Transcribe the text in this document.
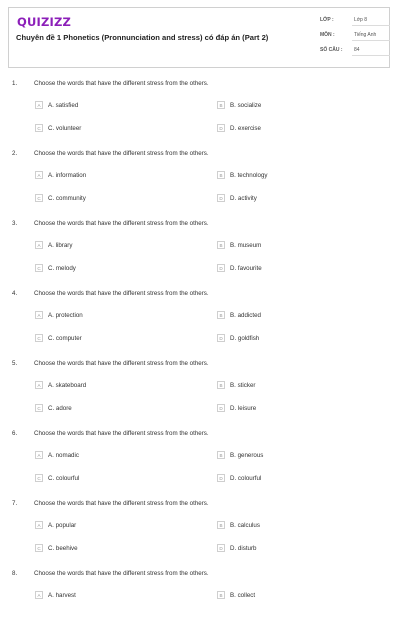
QUIZIZZ
Chuyên đề 1 Phonetics (Pronnunciation and stress) có đáp án (Part 2)
LỚP :	Lớp 8
MÔN :	Tiếng Anh
SỐ CÂU : 84
1.	Choose the words that have the different stress from the others.
A	A. satisfied	B	B. socialize
C	C. volunteer	D	D. exercise
2.	Choose the words that have the different stress from the others.
A	A. information	B	B. technology
C	C. community	D	D. activity
3.	Choose the words that have the different stress from the others.
A	A. library	B	B. museum
C	C. melody	D	D. favourite
4.	Choose the words that have the different stress from the others.
A	A. protection	B	B. addicted
C	C. computer	D	D. goldfish
5.	Choose the words that have the different stress from the others.
A	A. skateboard	B	B. sticker
C	C. adore	D	D. leisure
6.	Choose the words that have the different stress from the others.
A	A. nomadic	B	B. generous
C	C. colourful	D	D. colourful
7.	Choose the words that have the different stress from the others.
A	A. popular	B	B. calculus
C	C. beehive	D	D. disturb
8.	Choose the words that have the different stress from the others.
A	A. harvest	B	B. collect
